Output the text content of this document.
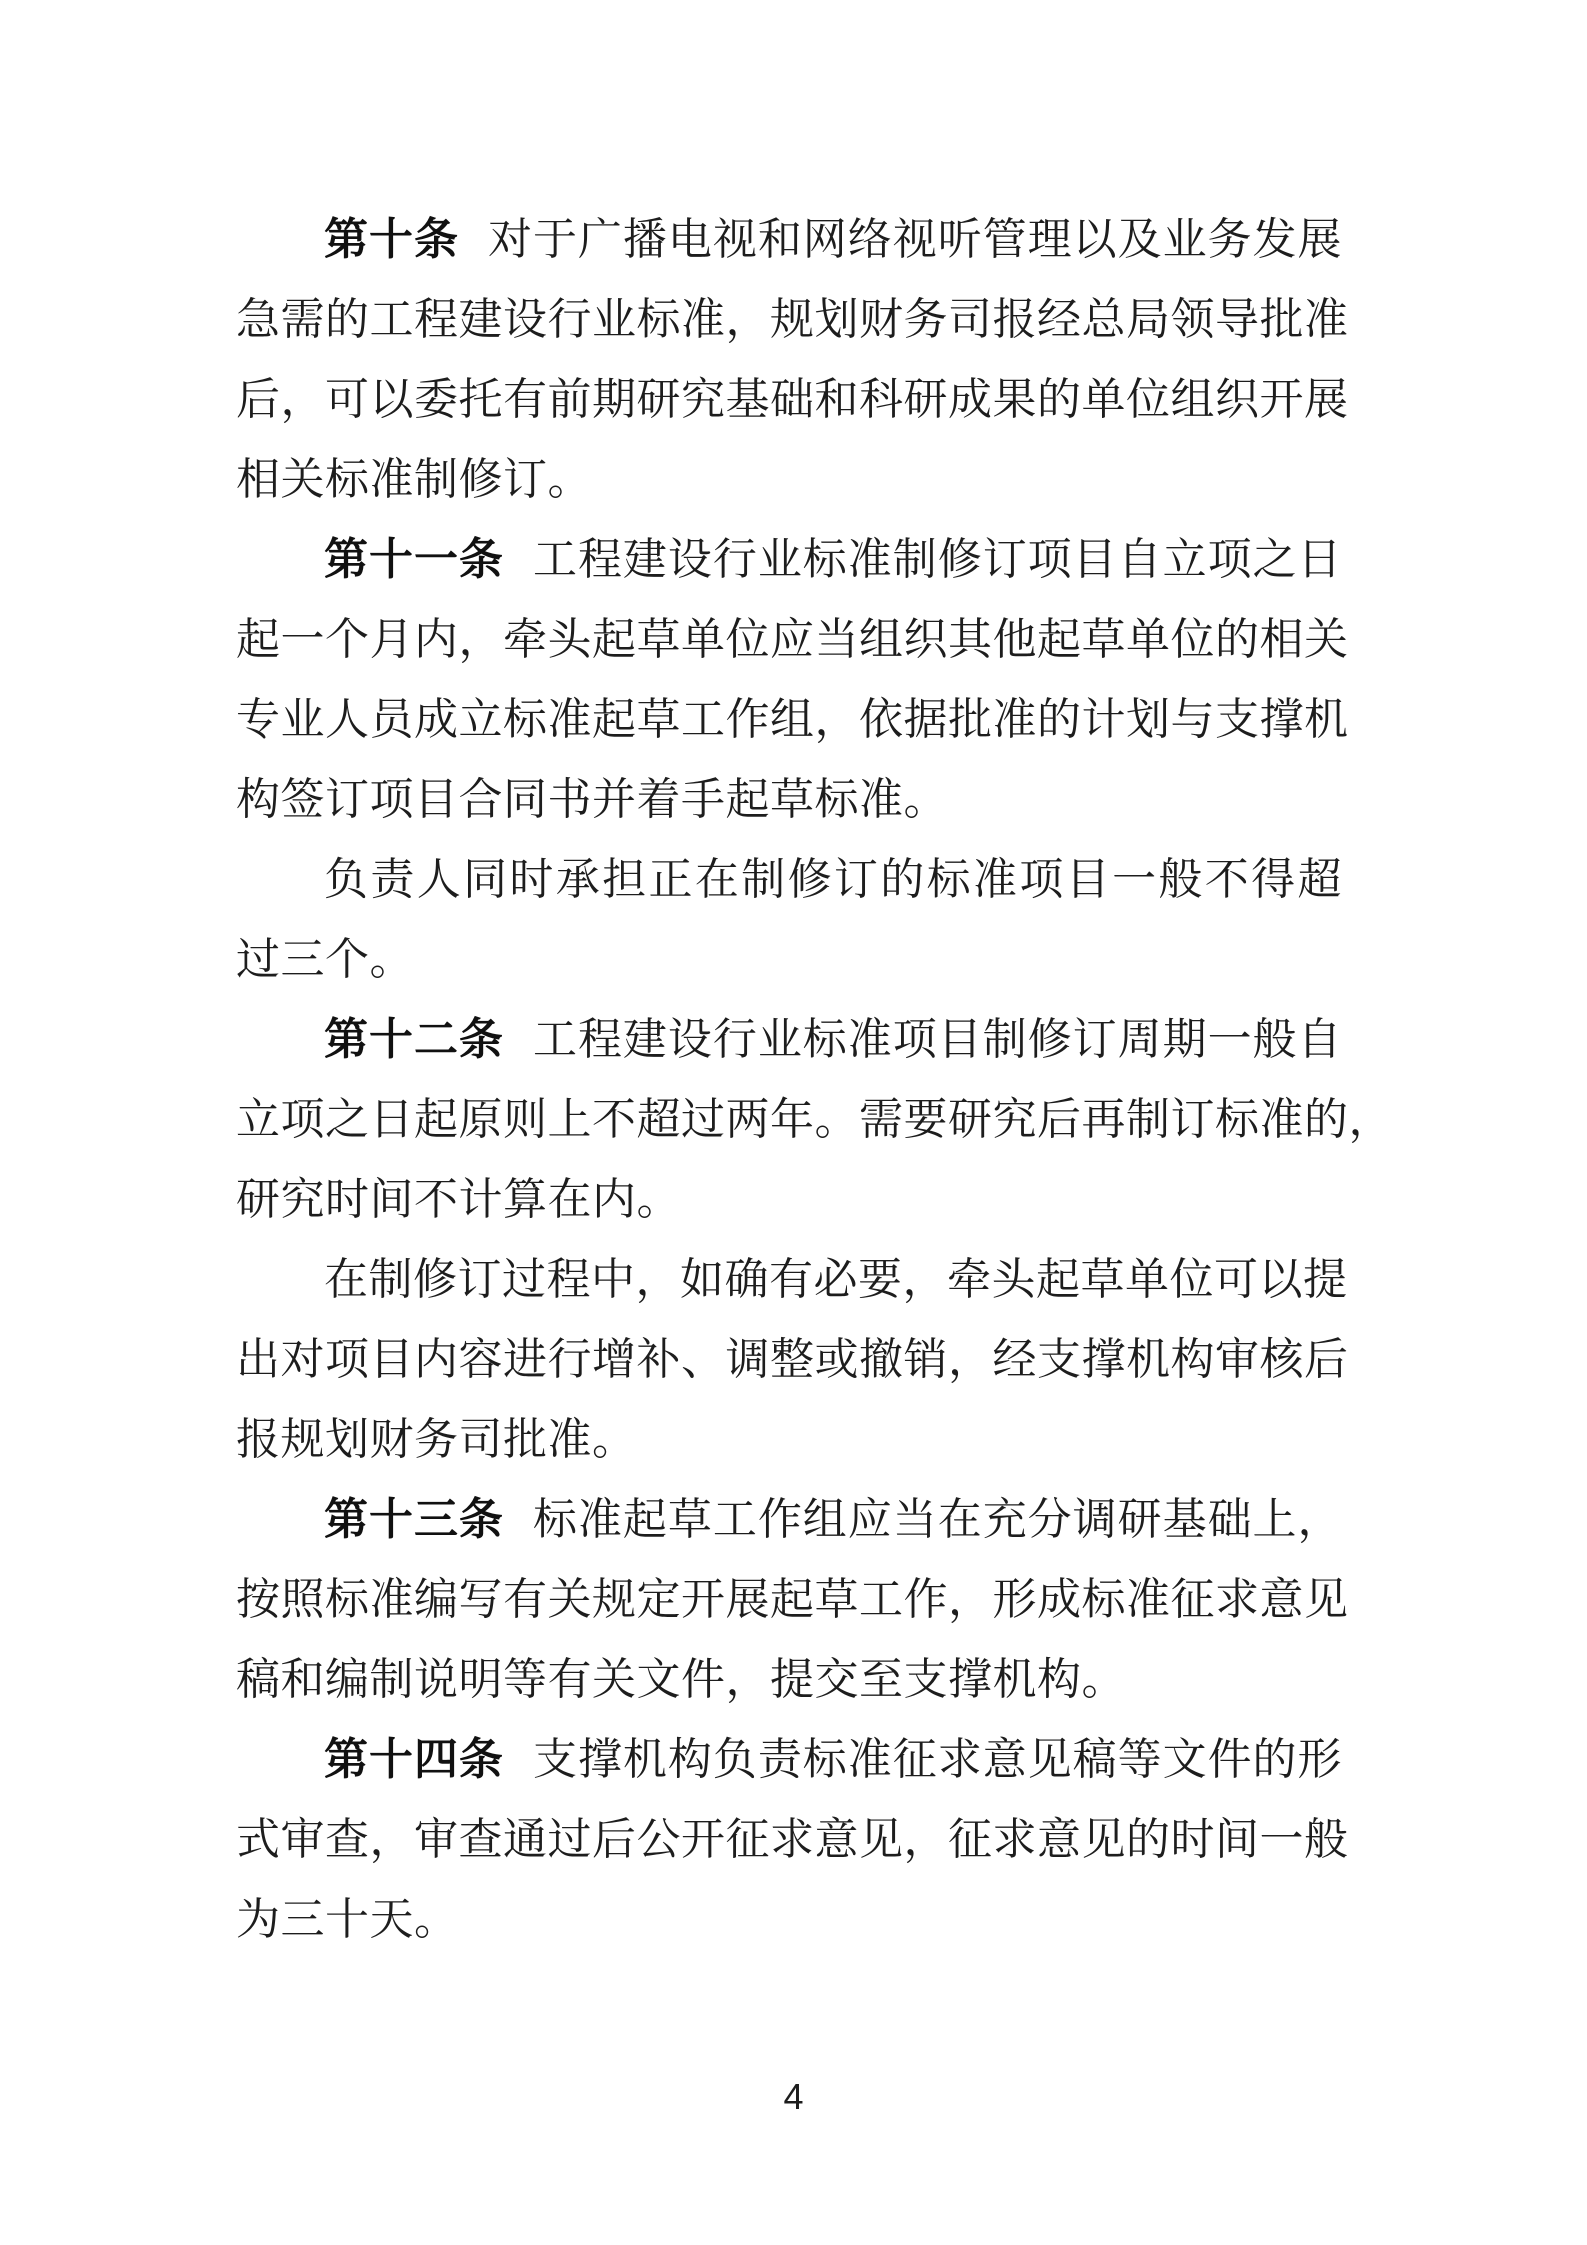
第十条 对于广播电视和网络视听管理以及业务发展
急需的工程建设行业标准，规划财务司报经总局领导批准
后，可以委托有前期研究基础和科研成果的单位组织开展
相关标准制修订。
第十一条 工程建设行业标准制修订项目自立项之日
起一个月内，牵头起草单位应当组织其他起草单位的相关
专业人员成立标准起草工作组，依据批准的计划与支撑机
构签订项目合同书并着手起草标准。
负责人同时承担正在制修订的标准项目一般不得超
过三个。
第十二条 工程建设行业标准项目制修订周期一般自
立项之日起原则上不超过两年。需要研究后再制订标准的，
研究时间不计算在内。
在制修订过程中，如确有必要，牵头起草单位可以提
出对项目内容进行增补、调整或撤销，经支撑机构审核后
报规划财务司批准。
第十三条 标准起草工作组应当在充分调研基础上，
按照标准编写有关规定开展起草工作，形成标准征求意见
稿和编制说明等有关文件，提交至支撑机构。
第十四条 支撑机构负责标准征求意见稿等文件的形
式审查，审查通过后公开征求意见，征求意见的时间一般
为三十天。
4
